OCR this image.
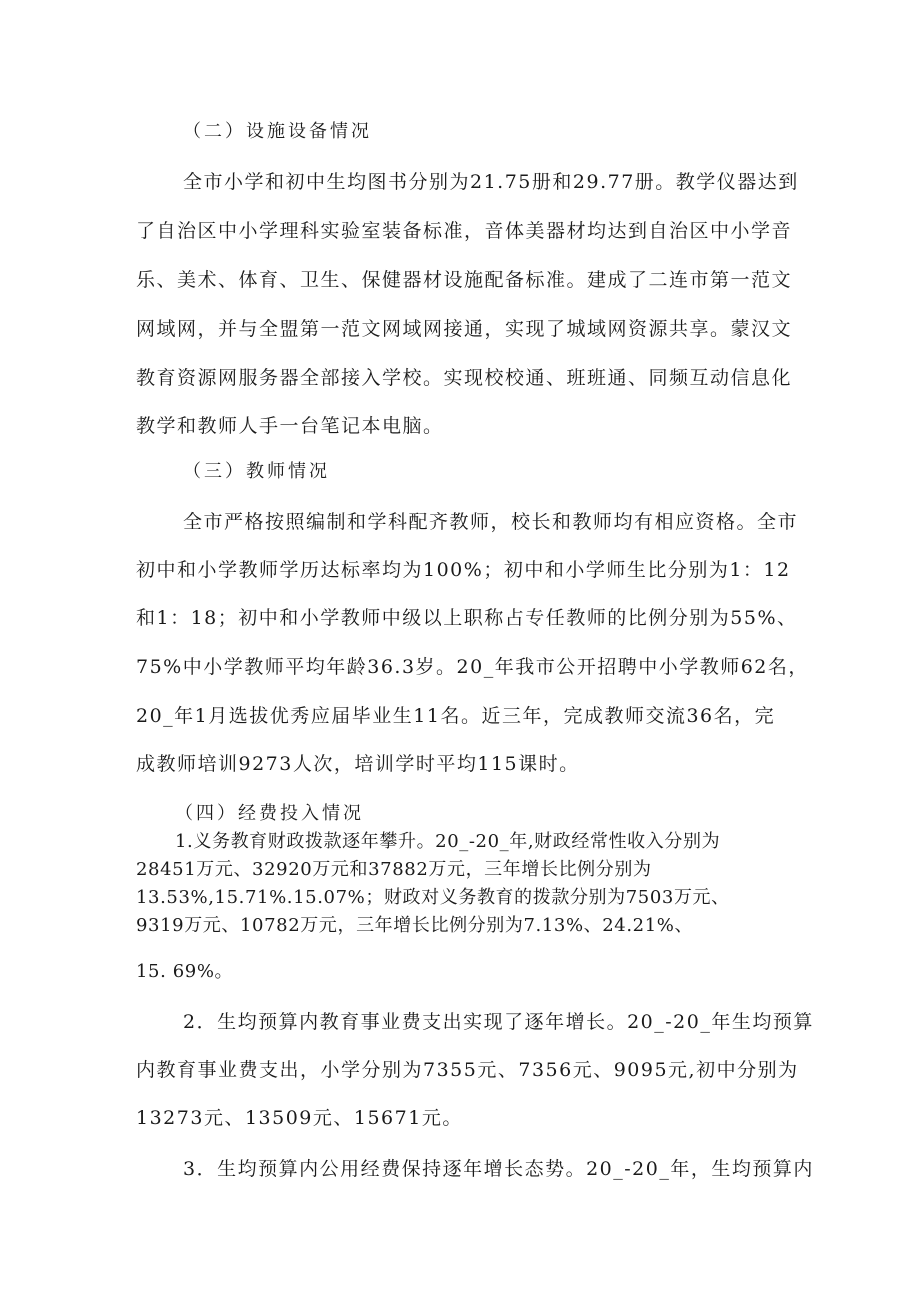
（二）设施设备情况

全市小学和初中生均图书分别为21.75册和29.77册。教学仪器达到

了自治区中小学理科实验室装备标准，音体美器材均达到自治区中小学音

乐、美术、体育、卫生、保健器材设施配备标准。建成了二连市第一范文

网域网，并与全盟第一范文网域网接通，实现了城域网资源共享。蒙汉文

教育资源网服务器全部接入学校。实现校校通、班班通、同频互动信息化

教学和教师人手一台笔记本电脑。

（三）教师情况

全市严格按照编制和学科配齐教师，校长和教师均有相应资格。全市

初中和小学教师学历达标率均为100%；初中和小学师生比分别为1：12

和1：18；初中和小学教师中级以上职称占专任教师的比例分别为55%、

75%中小学教师平均年龄36.3岁。20_年我市公开招聘中小学教师62名，

20_年1月选拔优秀应届毕业生11名。近三年，完成教师交流36名，完

成教师培训9273人次，培训学时平均115课时。

（四）经费投入情况

1.义务教育财政拨款逐年攀升。20_-20_年,财政经常性收入分别为

28451万元、32920万元和37882万元，三年增长比例分别为

13.53%,15.71%.15.07%；财政对义务教育的拨款分别为7503万元、

9319万元、10782万元，三年增长比例分别为7.13%、24.21%、

15. 69%。

2．生均预算内教育事业费支出实现了逐年增长。20_-20_年生均预算

内教育事业费支出，小学分别为7355元、7356元、9095元,初中分别为

13273元、13509元、15671元。

3．生均预算内公用经费保持逐年增长态势。20_-20_年，生均预算内
